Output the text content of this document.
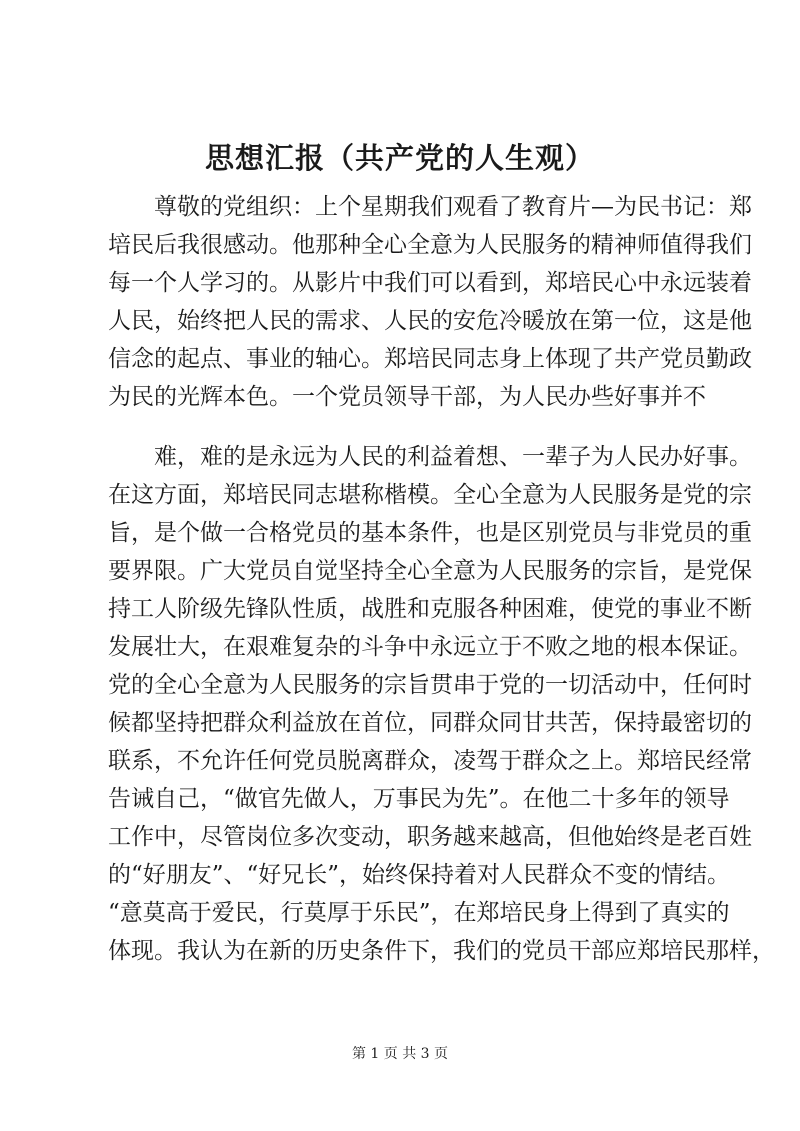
思想汇报（共产党的人生观）
尊敬的党组织：上个星期我们观看了教育片—为民书记：郑
培民后我很感动。他那种全心全意为人民服务的精神师值得我们
每一个人学习的。从影片中我们可以看到，郑培民心中永远装着
人民，始终把人民的需求、人民的安危冷暖放在第一位，这是他
信念的起点、事业的轴心。郑培民同志身上体现了共产党员勤政
为民的光辉本色。一个党员领导干部，为人民办些好事并不
难，难的是永远为人民的利益着想、一辈子为人民办好事。
在这方面，郑培民同志堪称楷模。全心全意为人民服务是党的宗
旨，是个做一合格党员的基本条件，也是区别党员与非党员的重
要界限。广大党员自觉坚持全心全意为人民服务的宗旨，是党保
持工人阶级先锋队性质，战胜和克服各种困难，使党的事业不断
发展壮大，在艰难复杂的斗争中永远立于不败之地的根本保证。
党的全心全意为人民服务的宗旨贯串于党的一切活动中，任何时
候都坚持把群众利益放在首位，同群众同甘共苦，保持最密切的
联系，不允许任何党员脱离群众，凌驾于群众之上。郑培民经常
告诫自己，“做官先做人，万事民为先”。在他二十多年的领导
工作中，尽管岗位多次变动，职务越来越高，但他始终是老百姓
的“好朋友”、“好兄长”，始终保持着对人民群众不变的情结。
“意莫高于爱民，行莫厚于乐民”，在郑培民身上得到了真实的
体现。我认为在新的历史条件下，我们的党员干部应郑培民那样，
第 1 页 共 3 页
